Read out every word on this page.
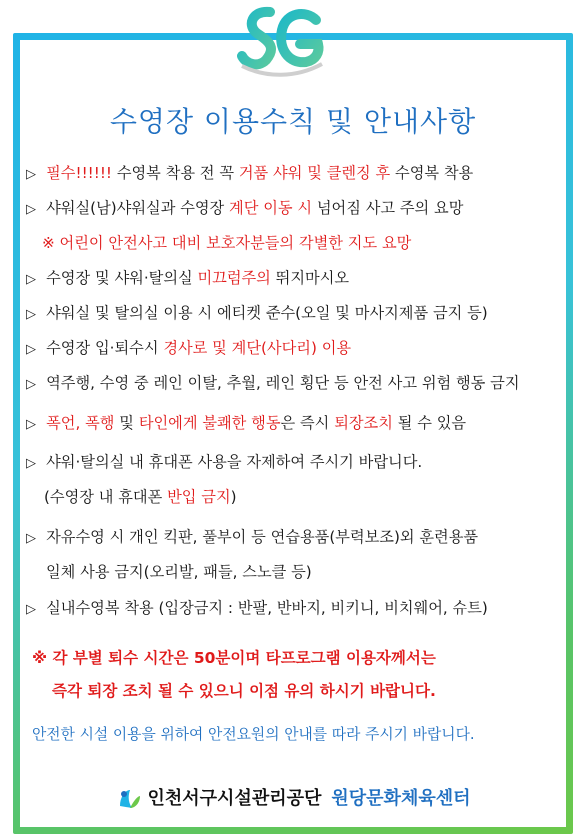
수영장 이용수칙 및 안내사항
▷ 필수!!!!!! 수영복 착용 전 꼭 거품 샤워 및 클렌징 후 수영복 착용
▷ 샤워실(남)샤워실과 수영장 계단 이동 시 넘어짐 사고 주의 요망
※ 어린이 안전사고 대비 보호자분들의 각별한 지도 요망
▷ 수영장 및 샤워·탈의실 미끄럼주의 뛰지마시오
▷ 샤워실 및 탈의실 이용 시 에티켓 준수(오일 및 마사지제품 금지 등)
▷ 수영장 입·퇴수시 경사로 및 계단(사다리) 이용
▷ 역주행, 수영 중 레인 이탈, 추월, 레인 횡단 등 안전 사고 위험 행동 금지
▷ 폭언, 폭행 및 타인에게 불쾌한 행동은 즉시 퇴장조치 될 수 있음
▷ 샤워·탈의실 내 휴대폰 사용을 자제하여 주시기 바랍니다.
(수영장 내 휴대폰 반입 금지)
▷ 자유수영 시 개인 킥판, 풀부이 등 연습용품(부력보조)외 훈련용품
일체 사용 금지(오리발, 패들, 스노클 등)
▷ 실내수영복 착용 (입장금지 : 반팔, 반바지, 비키니, 비치웨어, 슈트)
※ 각 부별 퇴수 시간은 50분이며 타프로그램 이용자께서는
즉각 퇴장 조치 될 수 있으니 이점 유의 하시기 바랍니다.
안전한 시설 이용을 위하여 안전요원의 안내를 따라 주시기 바랍니다.
인천서구시설관리공단 원당문화체육센터
